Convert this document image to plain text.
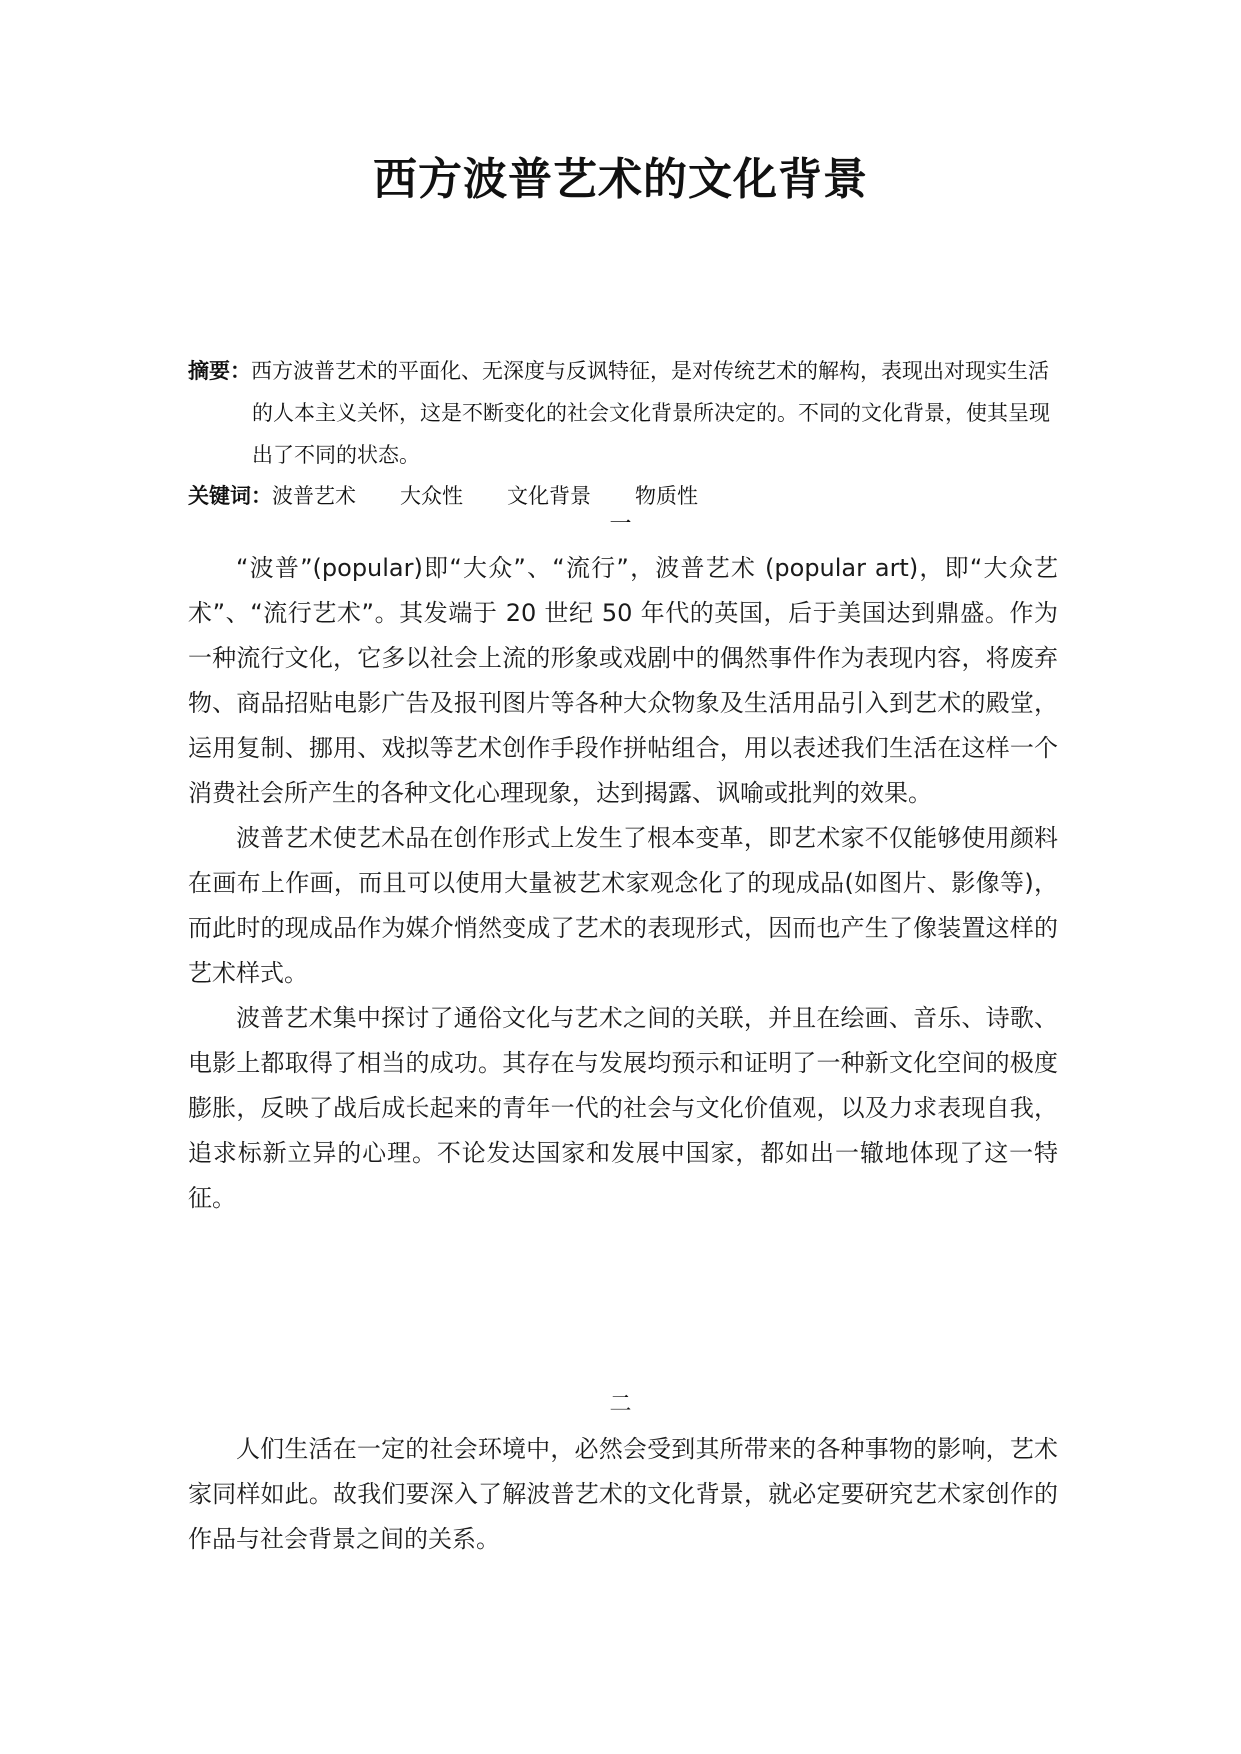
西方波普艺术的文化背景
摘要：西方波普艺术的平面化、无深度与反讽特征，是对传统艺术的解构，表现出对现实生活的人本主义关怀，这是不断变化的社会文化背景所决定的。不同的文化背景，使其呈现出了不同的状态。
关键词：波普艺术 大众性 文化背景 物质性
一

“波普”(popular)即“大众”、“流行”，波普艺术 (popular art)，即“大众艺术”、“流行艺术”。其发端于 20 世纪 50 年代的英国，后于美国达到鼎盛。作为一种流行文化，它多以社会上流的形象或戏剧中的偶然事件作为表现内容，将废弃物、商品招贴电影广告及报刊图片等各种大众物象及生活用品引入到艺术的殿堂，运用复制、挪用、戏拟等艺术创作手段作拼帖组合，用以表述我们生活在这样一个消费社会所产生的各种文化心理现象，达到揭露、讽喻或批判的效果。

波普艺术使艺术品在创作形式上发生了根本变革，即艺术家不仅能够使用颜料在画布上作画，而且可以使用大量被艺术家观念化了的现成品(如图片、影像等)，而此时的现成品作为媒介悄然变成了艺术的表现形式，因而也产生了像装置这样的艺术样式。

波普艺术集中探讨了通俗文化与艺术之间的关联，并且在绘画、音乐、诗歌、电影上都取得了相当的成功。其存在与发展均预示和证明了一种新文化空间的极度膨胀，反映了战后成长起来的青年一代的社会与文化价值观，以及力求表现自我，追求标新立异的心理。不论发达国家和发展中国家，都如出一辙地体现了这一特征。

二

人们生活在一定的社会环境中，必然会受到其所带来的各种事物的影响，艺术家同样如此。故我们要深入了解波普艺术的文化背景，就必定要研究艺术家创作的作品与社会背景之间的关系。
